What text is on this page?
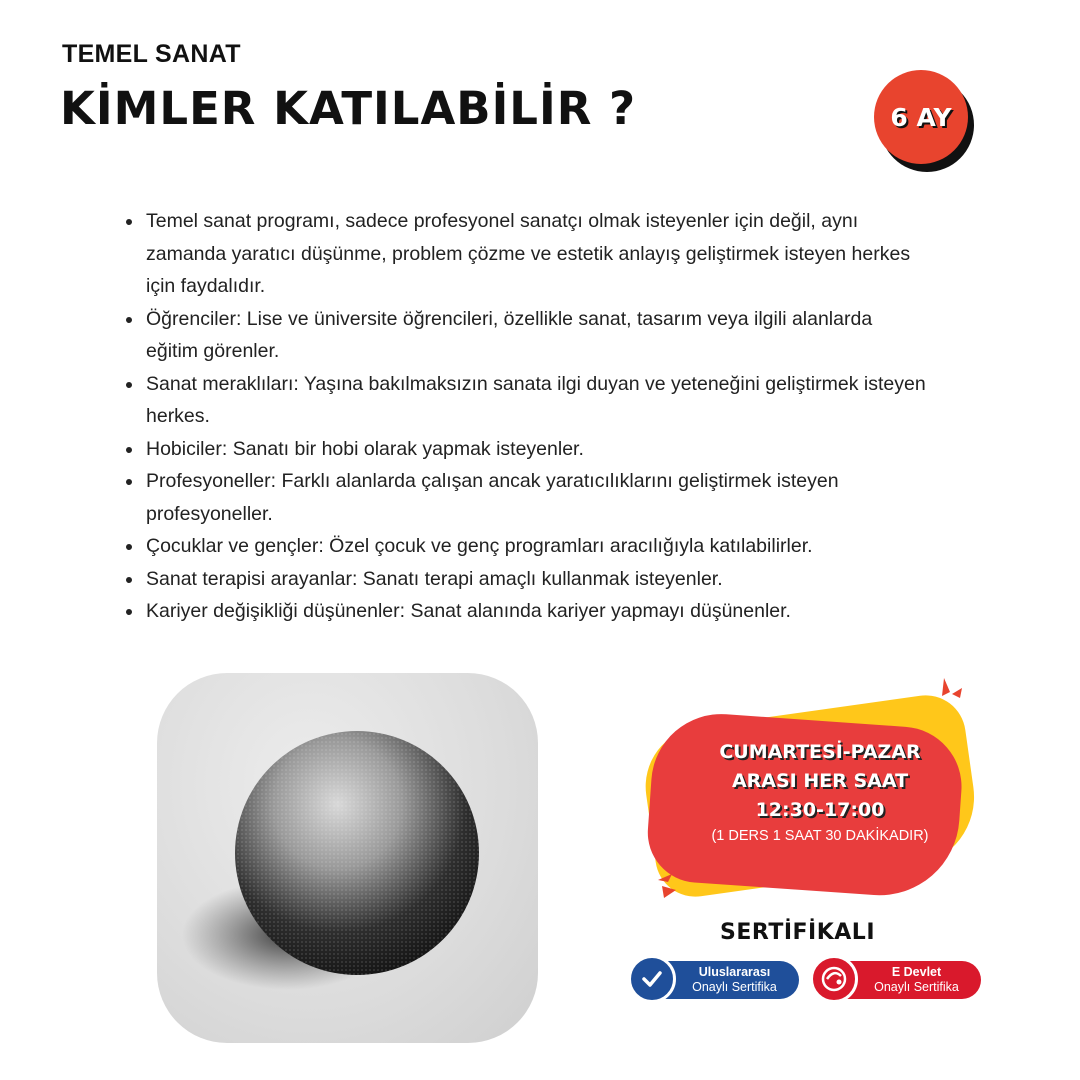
TEMEL SANAT
KİMLER KATILABİLİR ?	6 AY
Temel sanat programı, sadece profesyonel sanatçı olmak isteyenler için değil, aynı zamanda yaratıcı düşünme, problem çözme ve estetik anlayış geliştirmek isteyen herkes için faydalıdır.
Öğrenciler: Lise ve üniversite öğrencileri, özellikle sanat, tasarım veya ilgili alanlarda eğitim görenler.
Sanat meraklıları: Yaşına bakılmaksızın sanata ilgi duyan ve yeteneğini geliştirmek isteyen herkes.
Hobiciler: Sanatı bir hobi olarak yapmak isteyenler.
Profesyoneller: Farklı alanlarda çalışan ancak yaratıcılıklarını geliştirmek isteyen profesyoneller.
Çocuklar ve gençler: Özel çocuk ve genç programları aracılığıyla katılabilirler.
Sanat terapisi arayanlar: Sanatı terapi amaçlı kullanmak isteyenler.
Kariyer değişikliği düşünenler: Sanat alanında kariyer yapmayı düşünenler.
CUMARTESİ-PAZAR
ARASI HER SAAT
12:30-17:00
(1 DERS 1 SAAT 30 DAKİKADIR)
SERTİFİKALI
Uluslararası
Onaylı Sertifika
E Devlet
Onaylı Sertifika
